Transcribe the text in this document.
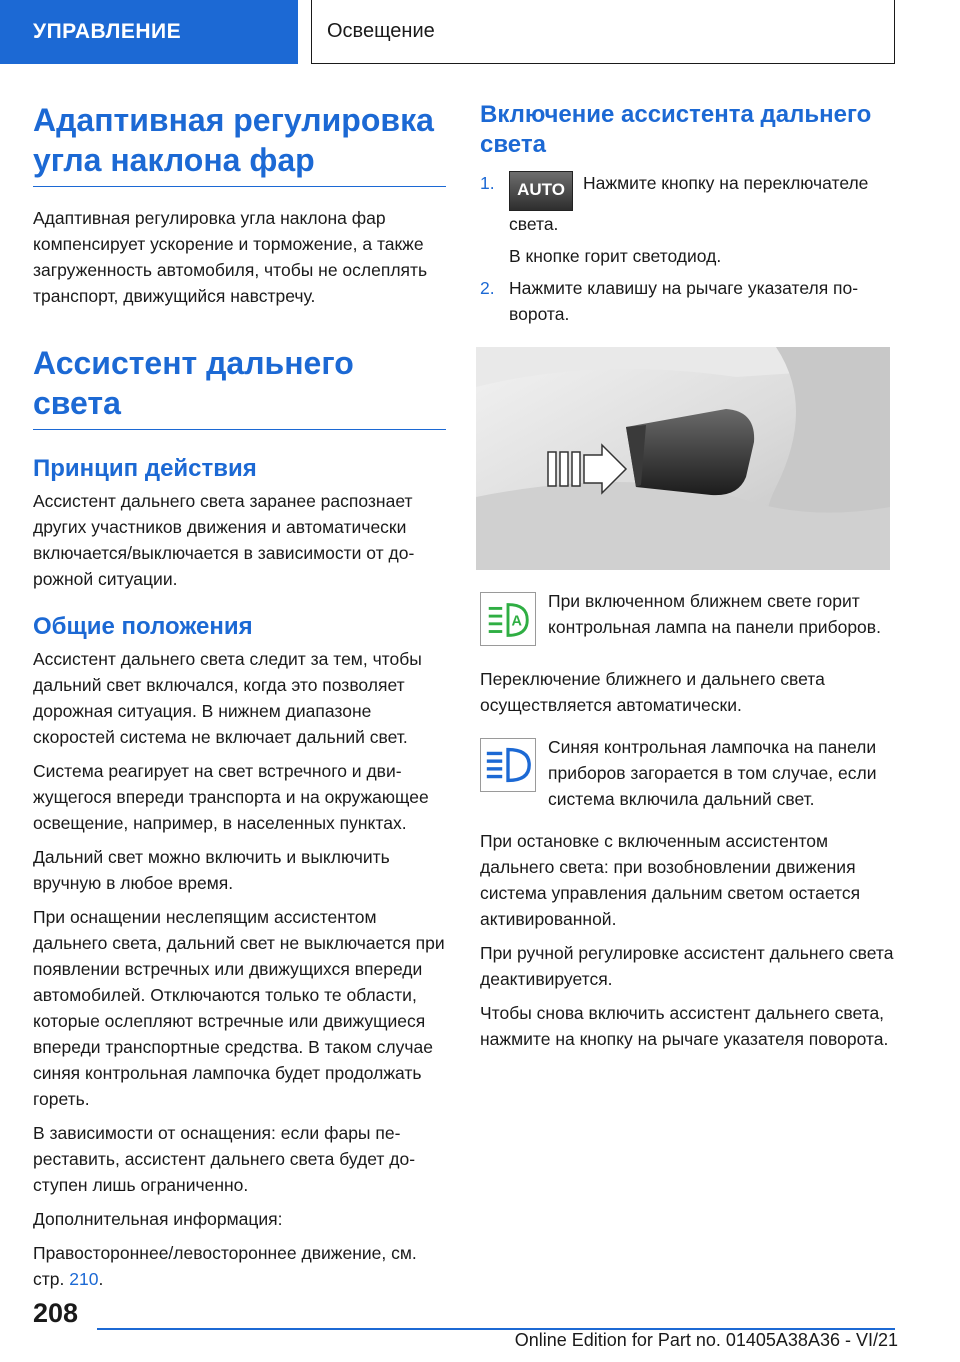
УПРАВЛЕНИЕ	Освещение
Адаптивная регулировка угла наклона фар

Адаптивная регулировка угла наклона фар компенсирует ускорение и торможение, а также загруженность автомобиля, чтобы не ослеплять транспорт, движущийся навстречу.

Ассистент дальнего света
Принцип действия

Ассистент дальнего света заранее распознает других участников движения и автоматически включается/выключается в зависимости от дорожной ситуации.

Общие положения

Ассистент дальнего света следит за тем, чтобы дальний свет включался, когда это позволяет дорожная ситуация. В нижнем диапазоне скоростей система не включает дальний свет.

Система реагирует на свет встречного и движущегося впереди транспорта и на окружающее освещение, например, в населенных пунктах.

Дальний свет можно включить и выключить вручную в любое время.

При оснащении неслепящим ассистентом дальнего света, дальний свет не выключается при появлении встречных или движущихся впереди автомобилей. Отключаются только те области, которые ослепляют встречные или движущиеся впереди транспортные средства. В таком случае синяя контрольная лампочка будет продолжать гореть.

В зависимости от оснащения: если фары переставить, ассистент дальнего света будет доступен лишь ограниченно.

Дополнительная информация:

Правостороннее/левостороннее движение, см. стр. 210.

Включение ассистента дальнего света
1. AUTO Нажмите кнопку на переключателе света.

В кнопке горит светодиод.

2. Нажмите клавишу на рычаге указателя поворота.
A

При включенном ближнем свете горит контрольная лампа на панели приборов.

Переключение ближнего и дальнего света осуществляется автоматически.

Синяя контрольная лампочка на панели приборов загорается в том случае, если система включила дальний свет.

При остановке с включенным ассистентом дальнего света: при возобновлении движения система управления дальним светом остается активированной.

При ручной регулировке ассистент дальнего света деактивируется.

Чтобы снова включить ассистент дальнего света, нажмите на кнопку на рычаге указателя поворота.

208
Online Edition for Part no. 01405A38A36 - VI/21
